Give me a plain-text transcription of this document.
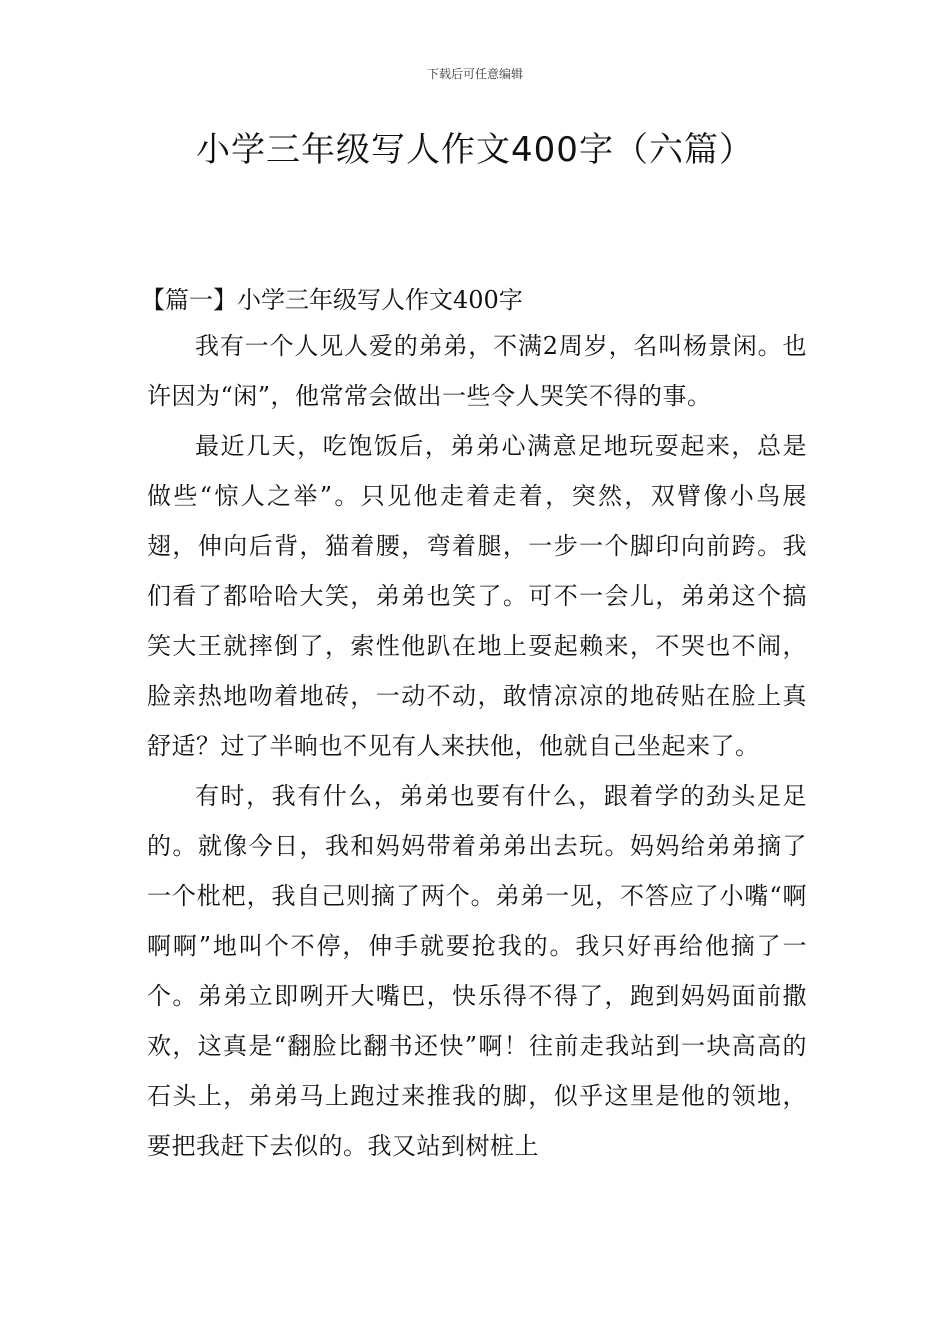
下载后可任意编辑
小学三年级写人作文400字（六篇）

【篇一】小学三年级写人作文400字

我有一个人见人爱的弟弟，不满2周岁，名叫杨景闲。也许因为“闲”，他常常会做出一些令人哭笑不得的事。

最近几天，吃饱饭后，弟弟心满意足地玩耍起来，总是做些“惊人之举”。只见他走着走着，突然，双臂像小鸟展翅，伸向后背，猫着腰，弯着腿，一步一个脚印向前跨。我们看了都哈哈大笑，弟弟也笑了。可不一会儿，弟弟这个搞笑大王就摔倒了，索性他趴在地上耍起赖来，不哭也不闹，脸亲热地吻着地砖，一动不动，敢情凉凉的地砖贴在脸上真舒适？过了半晌也不见有人来扶他，他就自己坐起来了。

有时，我有什么，弟弟也要有什么，跟着学的劲头足足的。就像今日，我和妈妈带着弟弟出去玩。妈妈给弟弟摘了一个枇杷，我自己则摘了两个。弟弟一见，不答应了小嘴“啊啊啊”地叫个不停，伸手就要抢我的。我只好再给他摘了一个。弟弟立即咧开大嘴巴，快乐得不得了，跑到妈妈面前撒欢，这真是“翻脸比翻书还快”啊！往前走我站到一块高高的石头上，弟弟马上跑过来推我的脚，似乎这里是他的领地，要把我赶下去似的。我又站到树桩上
